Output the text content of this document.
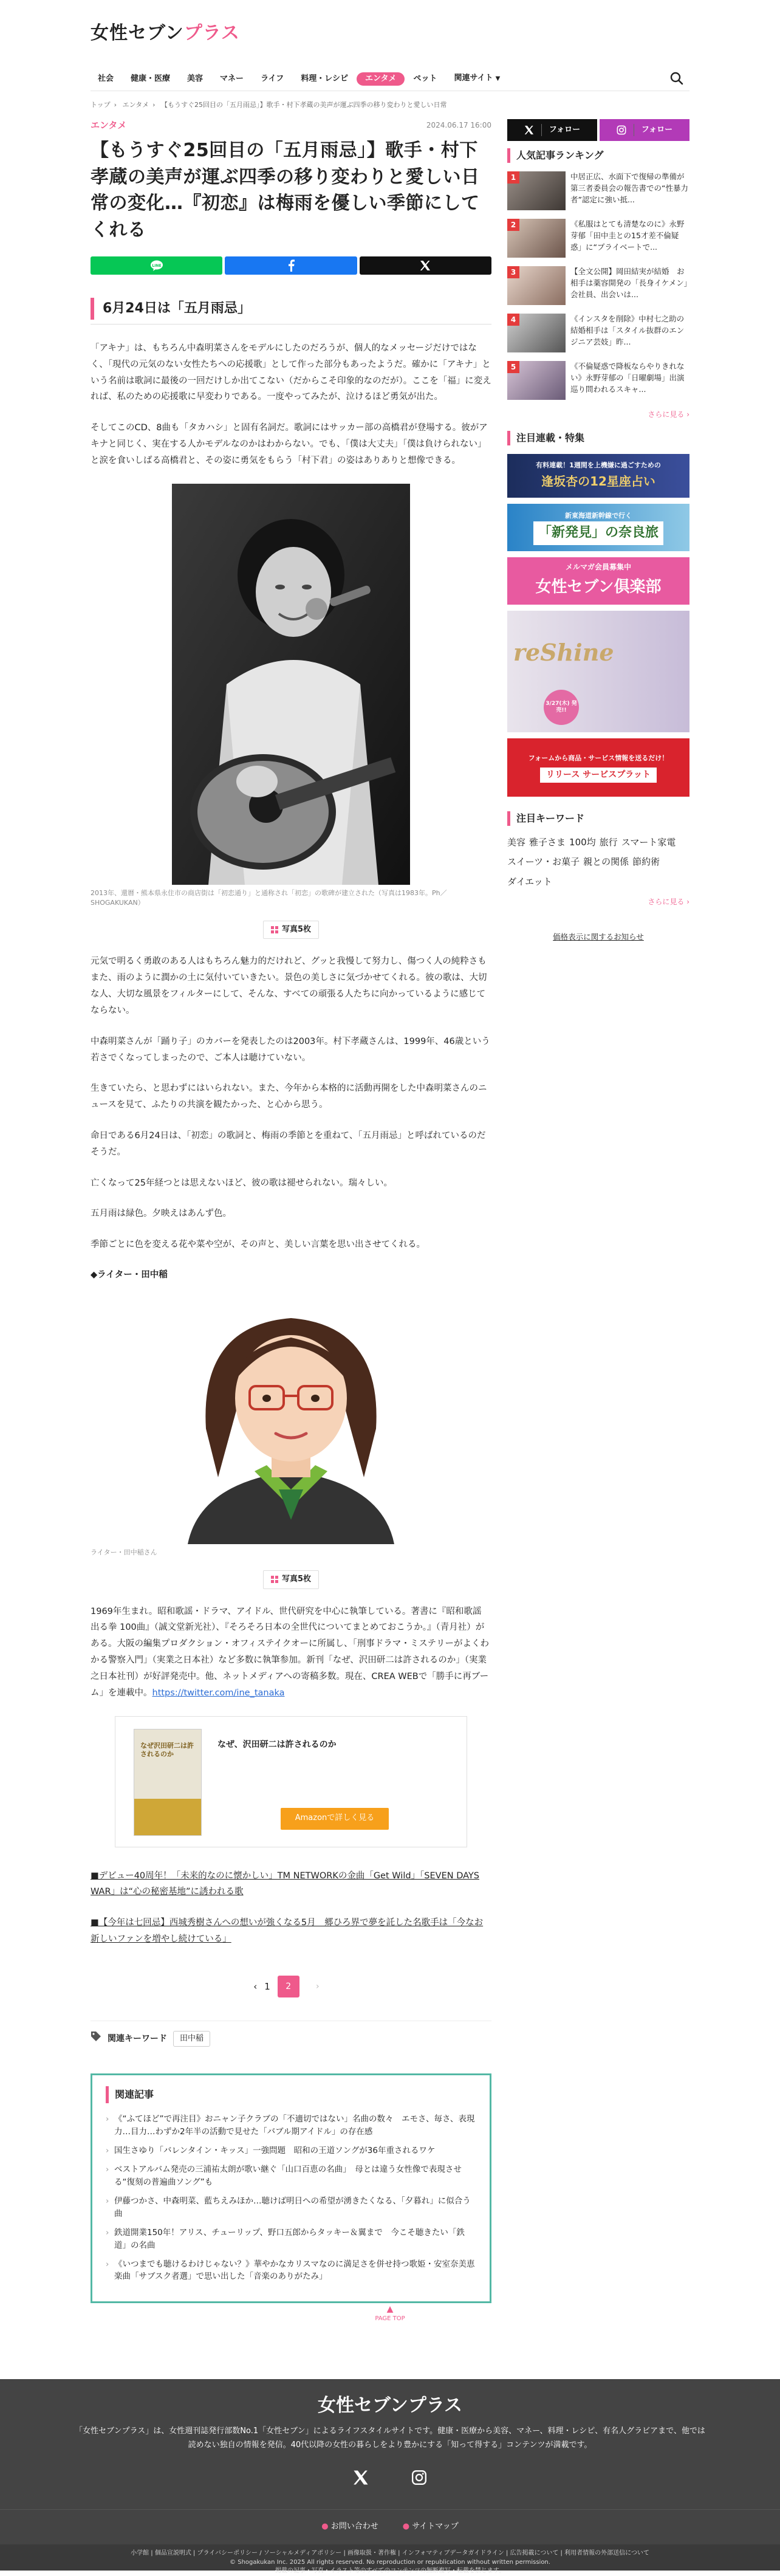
女性セブンプラス
社会	健康・医療	美容	マネー	ライフ	料理・レシピ	エンタメ	ペット	関連サイト ▼
トップ › エンタメ › 【もうすぐ25回目の「五月雨忌」】歌手・村下孝蔵の美声が運ぶ四季の移り変わりと愛しい日常
エンタメ	2024.06.17 16:00
【もうすぐ25回目の「五月雨忌」】歌手・村下孝蔵の美声が運ぶ四季の移り変わりと愛しい日常の変化…『初恋』は梅雨を優しい季節にしてくれる
LINE
6月24日は「五月雨忌」

「アキナ」は、もちろん中森明菜さんをモデルにしたのだろうが、個人的なメッセージだけではなく、「現代の元気のない女性たちへの応援歌」として作った部分もあったようだ。確かに「アキナ」という名前は歌詞に最後の一回だけしか出てこない（だからこそ印象的なのだが）。ここを「福」に変えれば、私のための応援歌に早変わりである。一度やってみたが、泣けるほど勇気が出た。

そしてこのCD、8曲も「タカハシ」と固有名詞だ。歌詞にはサッカー部の高橋君が登場する。彼がアキナと同じく、実在する人かモデルなのかはわからない。でも、「僕は大丈夫」「僕は負けられない」と涙を食いしばる高橋君と、その姿に勇気をもらう「村下君」の姿はありありと想像できる。

2013年、還暦・熊本県永住市の商店街は「初恋通り」と通称され「初恋」の歌碑が建立された（写真は1983年。Ph／SHOGAKUKAN）
写真5枚

元気で明るく勇敢のある人はもちろん魅力的だけれど、グッと我慢して努力し、傷つく人の純粋さもまた、雨のように潤かの土に気付いていきたい。景色の美しさに気づかせてくれる。彼の歌は、大切な人、大切な風景をフィルターにして、そんな、すべての頑張る人たちに向かっているように感じてならない。

中森明菜さんが「踊り子」のカバーを発表したのは2003年。村下孝蔵さんは、1999年、46歳という若さでくなってしまったので、ご本人は聴けていない。

生きていたら、と思わずにはいられない。また、今年から本格的に活動再開をした中森明菜さんのニュースを見て、ふたりの共演を観たかった、と心から思う。

命日である6月24日は、「初恋」の歌詞と、梅雨の季節とを重ねて、「五月雨忌」と呼ばれているのだそうだ。

亡くなって25年経つとは思えないほど、彼の歌は褪せられない。瑞々しい。

五月雨は緑色。夕映えはあんず色。

季節ごとに色を変える花や菜や空が、その声と、美しい言葉を思い出させてくれる。

◆ライター・田中稲
ライター・田中稲さん
写真5枚

1969年生まれ。昭和歌謡・ドラマ、アイドル、世代研究を中心に執筆している。著書に『昭和歌謡 出る拳 100曲』（誠文堂新光社）、『そろそろ日本の全世代についてまとめておこうか。』（青月社）がある。大阪の編集プロダクション・オフィステイクオーに所属し、「刑事ドラマ・ミステリーがよくわかる警察入門」（実業之日本社）など多数に執筆参加。新刊「なぜ、沢田研二は許されるのか」（実業之日本社刊）が好評発売中。他、ネットメディアへの寄稿多数。現在、CREA WEBで「勝手に再ブーム」を連載中。https://twitter.com/ine_tanaka

なぜ沢田研二は許されるのか
なぜ、沢田研二は許されるのか
Amazonで詳しく見る

■デビュー40周年！「未来的なのに懐かしい」TM NETWORKの金曲「Get Wild」「SEVEN DAYS WAR」は“心の秘密基地”に誘われる歌

■【今年は七回忌】西城秀樹さんへの想いが強くなる5月　郷ひろ界で夢を託した名歌手は「今なお新しいファンを増やし続けている」

‹ 1	2	›
関連キーワード	田中稲
関連記事
› 《“ふてほど”で再注目》おニャン子クラブの「不適切ではない」名曲の数々　エモさ、毎さ、表現力…目力…わずか2年半の活動で見せた「バブル期アイドル」の存在感
› 国生さゆり「バレンタイン・キッス」一強問題　昭和の王道ソングが36年重されるワケ
› ベストアルバム発売の三浦祐太朗が歌い継ぐ「山口百恵の名曲」　母とは違う女性像で表現させる“復刻の普遍曲ソング”も
› 伊藤つかさ、中森明菜、藍ちえみほか…聴けば明日への希望が湧きたくなる、「夕暮れ」に似合う曲
› 鉄道開業150年！アリス、チューリップ、野口五郎からタッキー＆翼まで　今こそ聴きたい「鉄道」の名曲
› 《いつまでも聴けるわけじゃない？》華やかなカリスマなのに満足さを併せ持つ歌姫・安室奈美恵　楽曲「サブスク者選」で思い出した「音楽のありがたみ」
フォロー	フォロー
人気記事ランキング
1	中居正広、水面下で復帰の準備が　第三者委員会の報告書での“性暴力者”認定に強い抵...
2	《私服はとても清楚なのに》永野芽郁「田中圭との15才差不倫疑惑」に“プライベートで...
3	【全文公開】岡田結実が結婚　お相手は薬容開発の「長身イケメン」会社員、出会いは...
4	《インスタを削除》中村七之助の結婚相手は「スタイル抜群のエンジニア芸妓」昨...
5	《不倫疑惑で降板ならやりきれない》永野芽郁の「日曜劇場」出演巡り問われるスキャ...
さらに見る ›
注目連載・特集
有料連載！1週間を上機嫌に過ごすための
逢坂杏の12星座占い
新東海道新幹線で行く
「新発見」の奈良旅
メルマガ会員募集中
女性セブン倶楽部
reShine
3/27(木) 発売!!
フォームから商品・サービス情報を送るだけ！
リリース サービスプラット
注目キーワード
美容 雅子さま 100均 旅行 スマート家電
スイーツ・お菓子 親との関係 節約術
ダイエット
さらに見る ›
価格表示に関するお知らせ
▲
PAGE TOP
女性セブンプラス
「女性セブンプラス」は、女性週刊誌発行部数No.1「女性セブン」によるライフスタイルサイトです。健康・医療から美容、マネー、料理・レシピ、有名人グラビアまで、他では読めない独自の情報を発信。40代以降の女性の暮らしをより豊かにする「知って得する」コンテンツが満載です。
● お問い合わせ	● サイトマップ
小学館 | 個品宣説明式 | プライバシーポリシー / ソーシャルメディアポリシー | 画像取扱・著作権 | インフォマティブデータガイドライン | 広告掲載について | 利用者情報の外部送信について
© Shogakukan Inc. 2025 All rights reserved. No reproduction or republication without written permission.
掲載の記事・写真・イラスト等のすべてのコンテンツの無断複写・転載を禁じます。
